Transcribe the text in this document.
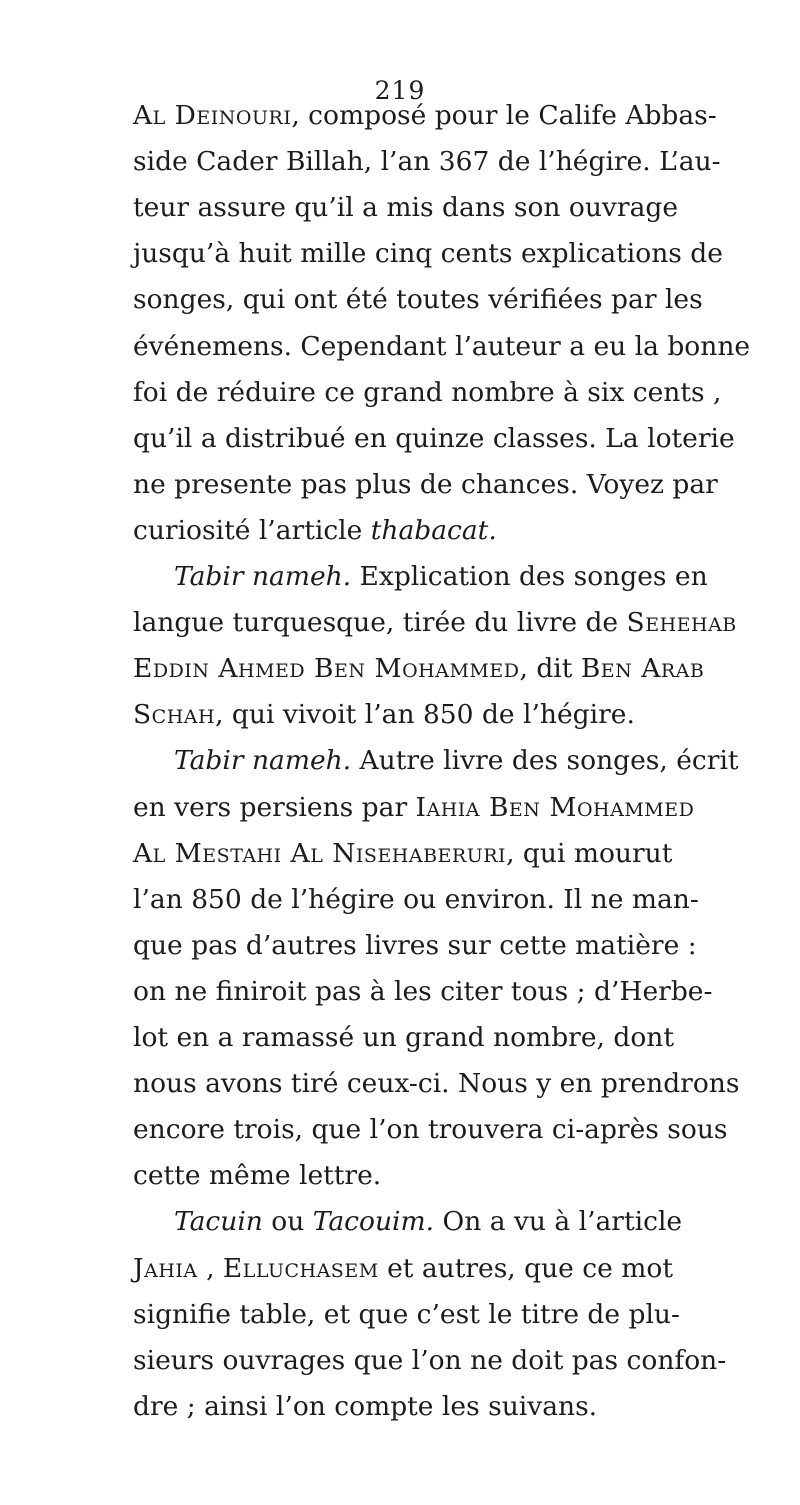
219
Al Deinouri, composé pour le Calife Abbas-
side Cader Billah, l’an 367 de l’hégire. L’au-
teur assure qu’il a mis dans son ouvrage
jusqu’à huit mille cinq cents explications de
songes, qui ont été toutes vérifiées par les
événemens. Cependant l’auteur a eu la bonne
foi de réduire ce grand nombre à six cents ,
qu’il a distribué en quinze classes. La loterie
ne presente pas plus de chances. Voyez par
curiosité l’article thabacat.
Tabir nameh. Explication des songes en
langue turquesque, tirée du livre de Sehehab
Eddin Ahmed Ben Mohammed, dit Ben Arab
Schah, qui vivoit l’an 850 de l’hégire.
Tabir nameh. Autre livre des songes, écrit
en vers persiens par Iahia Ben Mohammed
Al Mestahi Al Nisehaberuri, qui mourut
l’an 850 de l’hégire ou environ. Il ne man-
que pas d’autres livres sur cette matière :
on ne finiroit pas à les citer tous ; d’Herbe-
lot en a ramassé un grand nombre, dont
nous avons tiré ceux-ci. Nous y en prendrons
encore trois, que l’on trouvera ci-après sous
cette même lettre.
Tacuin ou Tacouim. On a vu à l’article
Jahia , Elluchasem et autres, que ce mot
signifie table, et que c’est le titre de plu-
sieurs ouvrages que l’on ne doit pas confon-
dre ; ainsi l’on compte les suivans.
